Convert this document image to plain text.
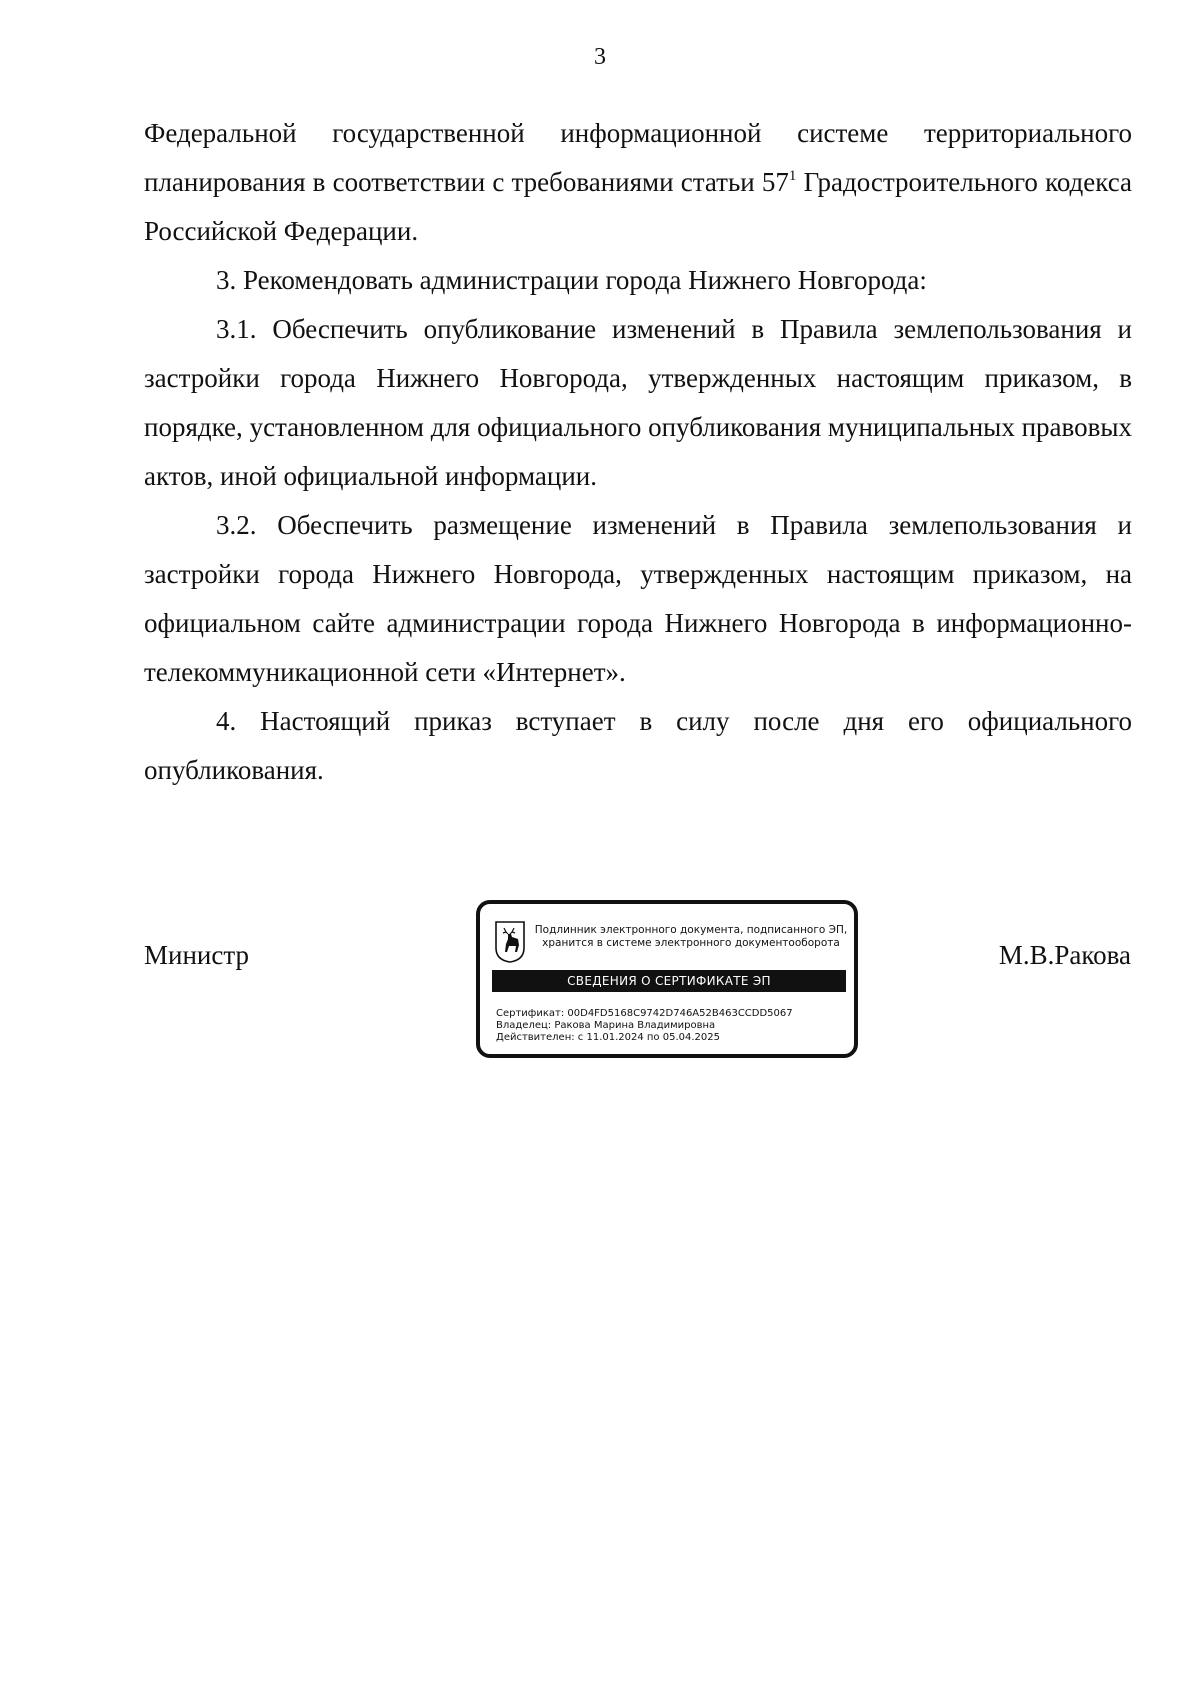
3

Федеральной государственной информационной системе территориального планирования в соответствии с требованиями статьи $57^1$ Градостроительного кодекса Российской Федерации.

3. Рекомендовать администрации города Нижнего Новгорода:

3.1. Обеспечить опубликование изменений в Правила землепользования и застройки города Нижнего Новгорода, утвержденных настоящим приказом, в порядке, установленном для официального опубликования муниципальных правовых актов, иной официальной информации.

3.2. Обеспечить размещение изменений в Правила землепользования и застройки города Нижнего Новгорода, утвержденных настоящим приказом, на официальном сайте администрации города Нижнего Новгорода в информационно-телекоммуникационной сети «Интернет».

4. Настоящий приказ вступает в силу после дня его официального опубликования.

Министр	М.В.Ракова
Подлинник электронного документа, подписанного ЭП,
хранится в системе электронного документооборота
СВЕДЕНИЯ О СЕРТИФИКАТЕ ЭП
Сертификат: 00D4FD5168C9742D746A52B463CCDD5067
Владелец: Ракова Марина Владимировна
Действителен: с 11.01.2024 по 05.04.2025
